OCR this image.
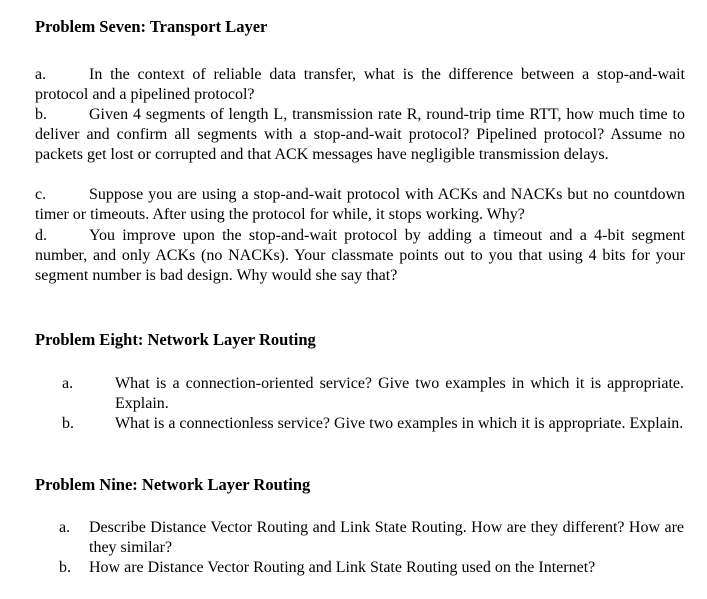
Problem Seven: Transport Layer
a.	In the context of reliable data transfer, what is the difference between a stop-and-wait protocol and a pipelined protocol?
b.	Given 4 segments of length L, transmission rate R, round-trip time RTT, how much time to deliver and confirm all segments with a stop-and-wait protocol? Pipelined protocol? Assume no packets get lost or corrupted and that ACK messages have negligible transmission delays.
c.	Suppose you are using a stop-and-wait protocol with ACKs and NACKs but no countdown timer or timeouts. After using the protocol for while, it stops working. Why?
d.	You improve upon the stop-and-wait protocol by adding a timeout and a 4-bit segment number, and only ACKs (no NACKs). Your classmate points out to you that using 4 bits for your segment number is bad design. Why would she say that?
Problem Eight: Network Layer Routing
a.	What is a connection-oriented service? Give two examples in which it is appropriate. Explain.
b.	What is a connectionless service? Give two examples in which it is appropriate. Explain.
Problem Nine: Network Layer Routing
a. Describe Distance Vector Routing and Link State Routing. How are they different? How are they similar?
b. How are Distance Vector Routing and Link State Routing used on the Internet?
